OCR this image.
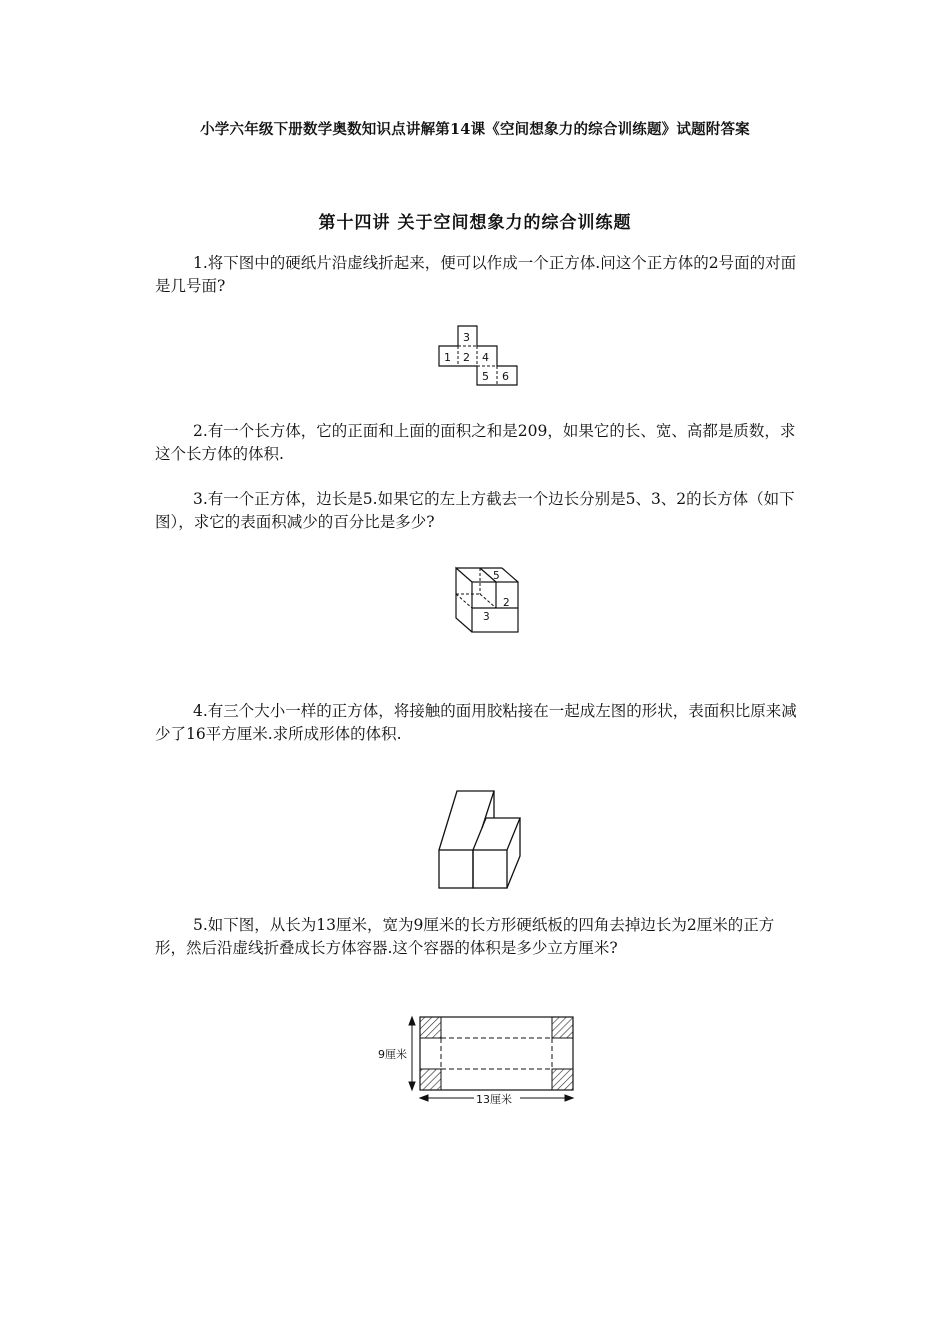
小学六年级下册数学奥数知识点讲解第14课《空间想象力的综合训练题》试题附答案
第十四讲 关于空间想象力的综合训练题

1.将下图中的硬纸片沿虚线折起来，便可以作成一个正方体.问这个正方体的2号面的对面是几号面?

3
1 2 4
5 6

2.有一个长方体，它的正面和上面的面积之和是209，如果它的长、宽、高都是质数，求这个长方体的体积.

3.有一个正方体，边长是5.如果它的左上方截去一个边长分别是5、3、2的长方体（如下图），求它的表面积减少的百分比是多少?

5
2
3

4.有三个大小一样的正方体，将接触的面用胶粘接在一起成左图的形状，表面积比原来减少了16平方厘米.求所成形体的体积.

5.如下图，从长为13厘米，宽为9厘米的长方形硬纸板的四角去掉边长为2厘米的正方形，然后沿虚线折叠成长方体容器.这个容器的体积是多少立方厘米?

9厘米
13厘米
